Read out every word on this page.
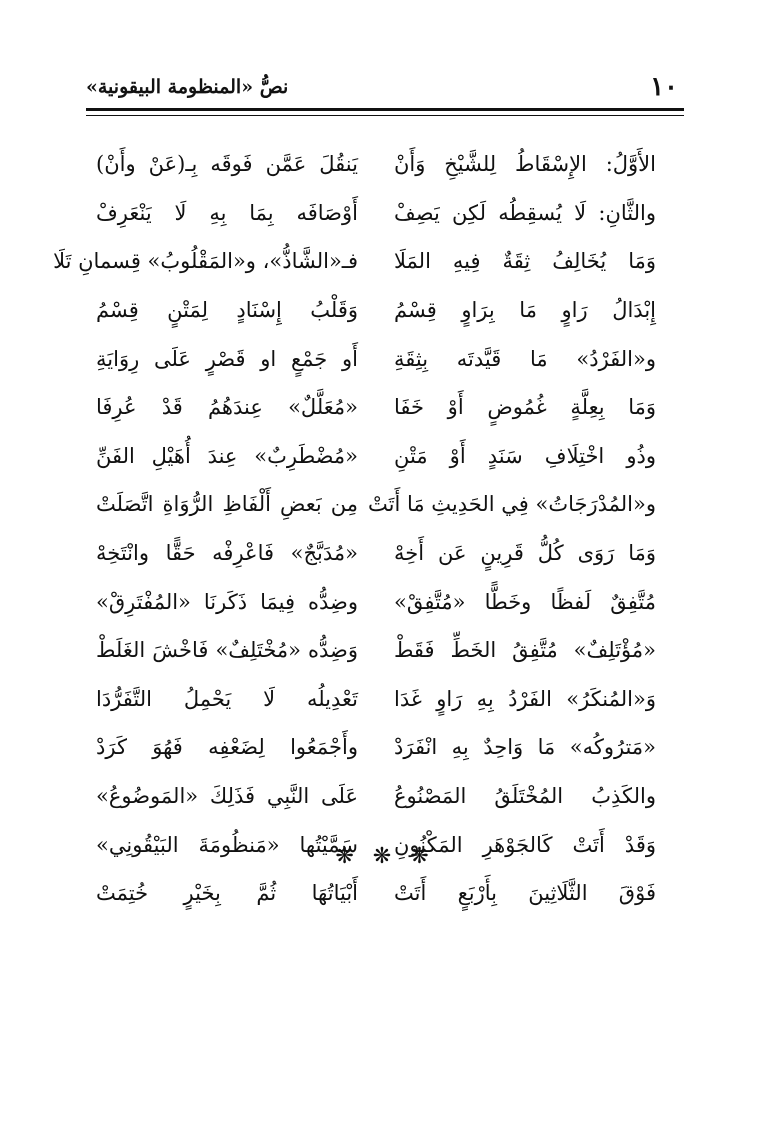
١٠
نصُّ «المنظومة البيقونية»
الأَوَّلُ: الإِسْقَاطُ لِلشَّيْخِ وَأَنْ
يَنقُلَ عَمَّن فَوقَه بِـ(عَنْ وأَنْ)
والثَّانِ: لَا يُسقِطُه لَكِن يَصِفْ
أَوْصَافَه بِمَا بِهِ لَا يَنْعَرِفْ
وَمَا يُخَالِفُ ثِقَةٌ فِيهِ المَلَا
فـ«الشَّاذُّ»، و«المَقْلُوبُ» قِسمانِ تَلَا
إِبْدَالُ رَاوٍ مَا بِرَاوٍ قِسْمُ
وَقَلْبُ إِسْنَادٍ لِمَتْنٍ قِسْمُ
و«الفَرْدُ» مَا قَيَّدتَه بِثِقَةِ
أَو جَمْعٍ او قَصْرٍ عَلَى رِوَايَةِ
وَمَا بِعِلَّةٍ غُمُوضٍ أَوْ خَفَا
«مُعَلَّلٌ» عِندَهُمُ قَدْ عُرِفَا
وذُو اخْتِلَافِ سَنَدٍ أَوْ مَتْنِ
«مُضْطَرِبٌ» عِندَ أُهَيْلِ الفَنِّ
و«المُدْرَجَاتُ» فِي الحَدِيثِ مَا أَتَتْ
مِن بَعضِ أَلْفَاظِ الرُّوَاةِ اتَّصَلَتْ
وَمَا رَوَى كُلُّ قَرِينٍ عَن أَخِهْ
«مُدَبَّجٌ» فَاعْرِفْه حَقًّا وانْتَخِهْ
مُتَّفِقٌ لَفظًا وخَطًّا «مُتَّفِقْ»
وضِدُّه فِيمَا ذَكَرنَا «المُفْتَرِقْ»
«مُؤْتَلِفٌ» مُتَّفِقُ الخَطِّ فَقَطْ
وَضِدُّه «مُخْتَلِفٌ» فَاخْشَ الغَلَطْ
وَ«المُنكَرُ» الفَرْدُ بِهِ رَاوٍ غَدَا
تَعْدِيلُه لَا يَحْمِلُ التَّفَرُّدَا
«مَترُوكُه» مَا وَاحِدٌ بِهِ انْفَرَدْ
وأَجْمَعُوا لِضَعْفِه فَهُوَ كَرَدْ
والكَذِبُ المُخْتَلَقُ المَصْنُوعُ
عَلَى النَّبِي فَذَلِكَ «المَوضُوعُ»
وَقَدْ أَتَتْ كَالجَوْهَرِ المَكْنُونِ
سَمَّيْتُها «مَنظُومَةَ البَيْقُونِي»
فَوْقَ الثَّلَاثِينَ بِأَرْبَعٍ أَتَتْ
أَبْيَاتُهَا ثُمَّ بِخَيْرٍ خُتِمَتْ
❋ ❋ ❋
